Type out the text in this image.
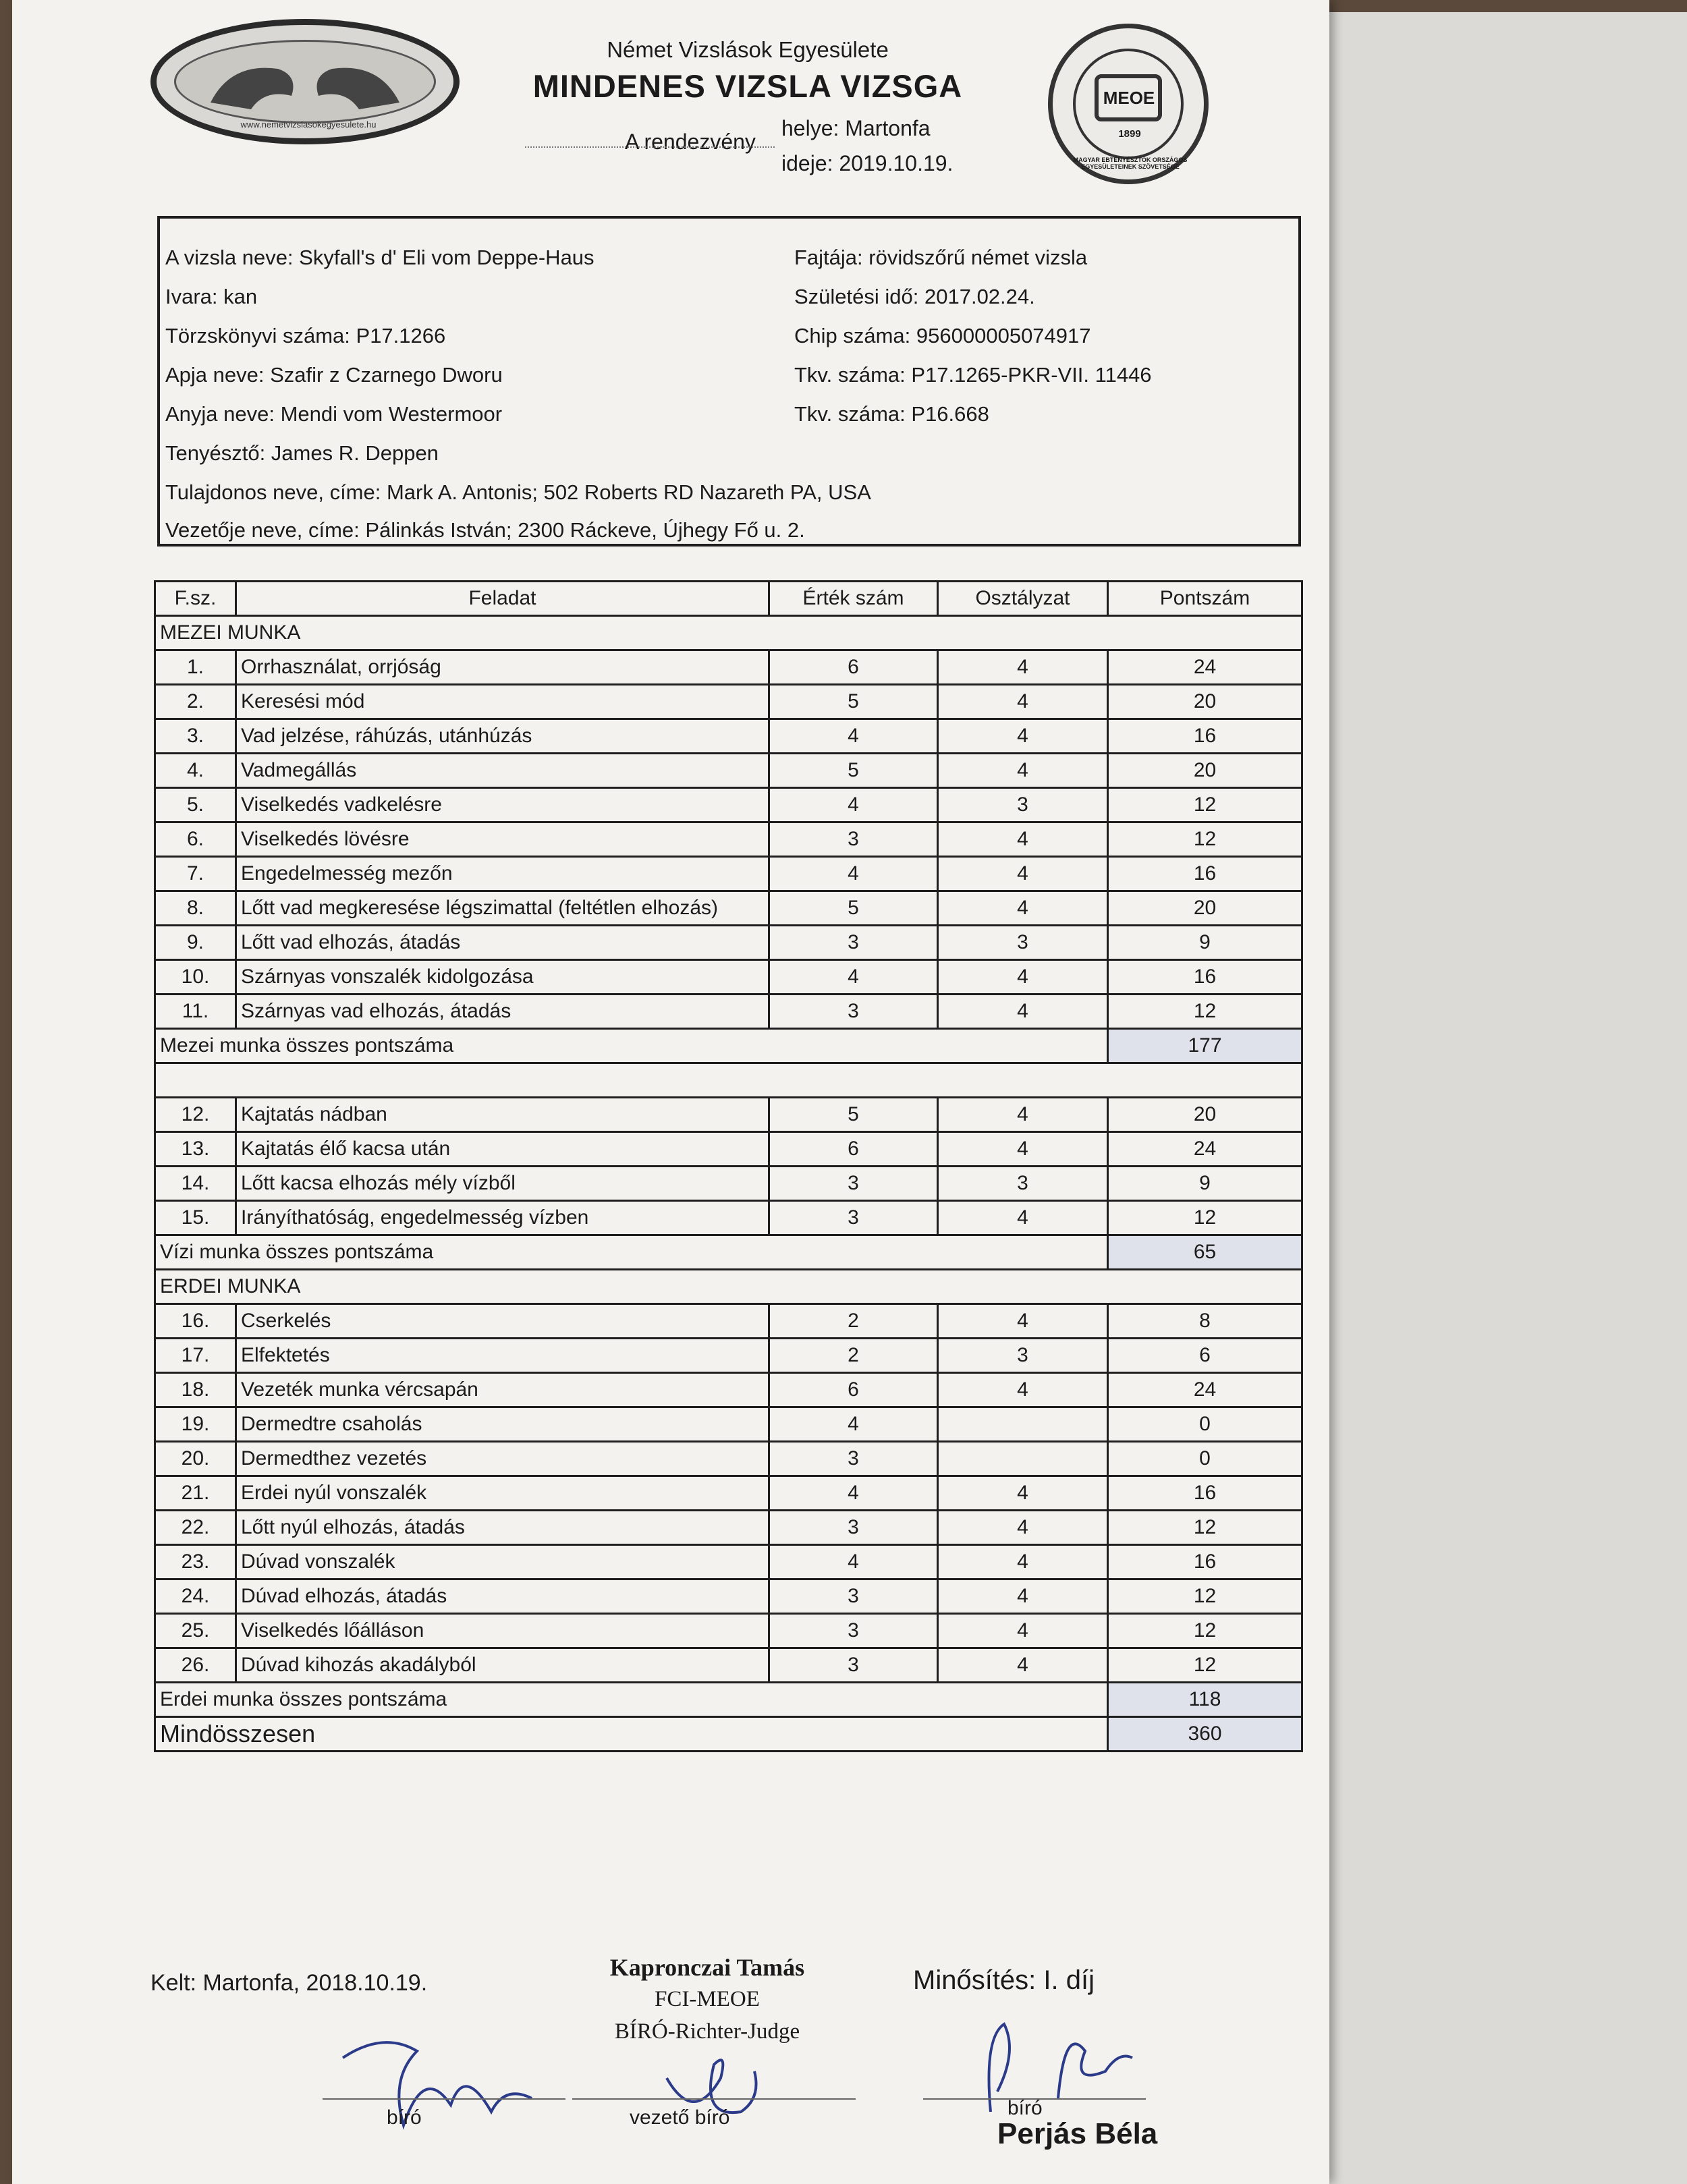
www.nemetvizslasokegyesulete.hu
Német Vizslások Egyesülete
MINDENES VIZSLA VIZSGA
A rendezvény
helye: Martonfa
ideje: 2019.10.19.
MEOE
1899
MAGYAR EBTENYÉSZTŐK ORSZÁGOS EGYESÜLETEINEK SZÖVETSÉGE
A vizsla neve: Skyfall's d' Eli vom Deppe-Haus
Ivara: kan
Törzskönyvi száma: P17.1266
Apja neve: Szafir z Czarnego Dworu
Anyja neve: Mendi vom Westermoor
Tenyésztő: James R. Deppen
Tulajdonos neve, címe: Mark A. Antonis; 502 Roberts RD Nazareth PA, USA
Vezetője neve, címe: Pálinkás István; 2300 Ráckeve, Újhegy Fő u. 2.
Fajtája: rövidszőrű német vizsla
Születési idő: 2017.02.24.
Chip száma: 956000005074917
Tkv. száma: P17.1265-PKR-VII. 11446
Tkv. száma: P16.668
F.sz.	Feladat	Érték szám	Osztályzat	Pontszám
MEZEI MUNKA				
1.	Orrhasználat, orrjóság	6	4	24
2.	Keresési mód	5	4	20
3.	Vad jelzése, ráhúzás, utánhúzás	4	4	16
4.	Vadmegállás	5	4	20
5.	Viselkedés vadkelésre	4	3	12
6.	Viselkedés lövésre	3	4	12
7.	Engedelmesség mezőn	4	4	16
8.	Lőtt vad megkeresése légszimattal (feltétlen elhozás)	5	4	20
9.	Lőtt vad elhozás, átadás	3	3	9
10.	Szárnyas vonszalék kidolgozása	4	4	16
11.	Szárnyas vad elhozás, átadás	3	4	12
Mezei munka összes pontszáma				177

12.	Kajtatás nádban	5	4	20
13.	Kajtatás élő kacsa után	6	4	24
14.	Lőtt kacsa elhozás mély vízből	3	3	9
15.	Irányíthatóság, engedelmesség vízben	3	4	12
Vízi munka összes pontszáma				65
ERDEI MUNKA				
16.	Cserkelés	2	4	8
17.	Elfektetés	2	3	6
18.	Vezeték munka vércsapán	6	4	24
19.	Dermedtre csaholás	4		0
20.	Dermedthez vezetés	3		0
21.	Erdei nyúl vonszalék	4	4	16
22.	Lőtt nyúl elhozás, átadás	3	4	12
23.	Dúvad vonszalék	4	4	16
24.	Dúvad elhozás, átadás	3	4	12
25.	Viselkedés lőálláson	3	4	12
26.	Dúvad kihozás akadályból	3	4	12
Erdei munka összes pontszáma				118
Mindösszesen				360
Kelt: Martonfa, 2018.10.19.
Kapronczai Tamás
FCI-MEOE
BÍRÓ-Richter-Judge
Minősítés: I. díj
bíró	vezető bíró	bíró
Perjás Béla
